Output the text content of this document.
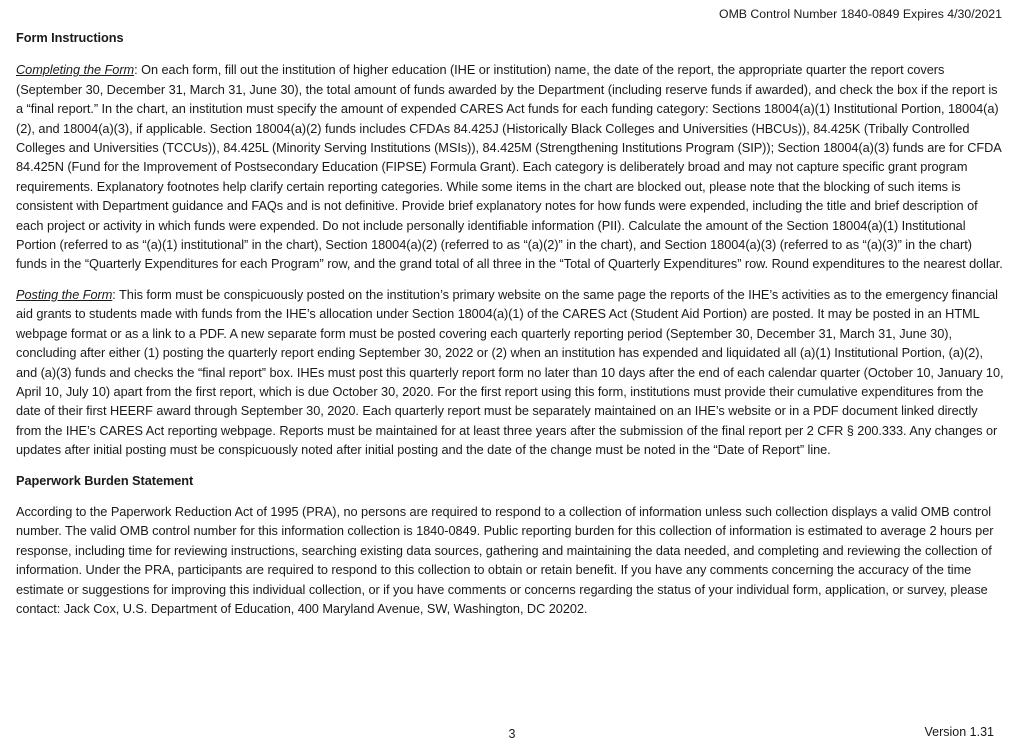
OMB Control Number 1840-0849 Expires 4/30/2021
Form Instructions

Completing the Form: On each form, fill out the institution of higher education (IHE or institution) name, the date of the report, the appropriate quarter the report covers (September 30, December 31, March 31, June 30), the total amount of funds awarded by the Department (including reserve funds if awarded), and check the box if the report is a “final report.” In the chart, an institution must specify the amount of expended CARES Act funds for each funding category: Sections 18004(a)(1) Institutional Portion, 18004(a)(2), and 18004(a)(3), if applicable. Section 18004(a)(2) funds includes CFDAs 84.425J (Historically Black Colleges and Universities (HBCUs)), 84.425K (Tribally Controlled Colleges and Universities (TCCUs)), 84.425L (Minority Serving Institutions (MSIs)), 84.425M (Strengthening Institutions Program (SIP)); Section 18004(a)(3) funds are for CFDA 84.425N (Fund for the Improvement of Postsecondary Education (FIPSE) Formula Grant). Each category is deliberately broad and may not capture specific grant program requirements. Explanatory footnotes help clarify certain reporting categories. While some items in the chart are blocked out, please note that the blocking of such items is consistent with Department guidance and FAQs and is not definitive. Provide brief explanatory notes for how funds were expended, including the title and brief description of each project or activity in which funds were expended. Do not include personally identifiable information (PII). Calculate the amount of the Section 18004(a)(1) Institutional Portion (referred to as “(a)(1) institutional” in the chart), Section 18004(a)(2) (referred to as “(a)(2)” in the chart), and Section 18004(a)(3) (referred to as “(a)(3)” in the chart) funds in the “Quarterly Expenditures for each Program” row, and the grand total of all three in the “Total of Quarterly Expenditures” row. Round expenditures to the nearest dollar.

Posting the Form: This form must be conspicuously posted on the institution’s primary website on the same page the reports of the IHE’s activities as to the emergency financial aid grants to students made with funds from the IHE’s allocation under Section 18004(a)(1) of the CARES Act (Student Aid Portion) are posted. It may be posted in an HTML webpage format or as a link to a PDF. A new separate form must be posted covering each quarterly reporting period (September 30, December 31, March 31, June 30), concluding after either (1) posting the quarterly report ending September 30, 2022 or (2) when an institution has expended and liquidated all (a)(1) Institutional Portion, (a)(2), and (a)(3) funds and checks the “final report” box. IHEs must post this quarterly report form no later than 10 days after the end of each calendar quarter (October 10, January 10, April 10, July 10) apart from the first report, which is due October 30, 2020. For the first report using this form, institutions must provide their cumulative expenditures from the date of their first HEERF award through September 30, 2020. Each quarterly report must be separately maintained on an IHE’s website or in a PDF document linked directly from the IHE’s CARES Act reporting webpage. Reports must be maintained for at least three years after the submission of the final report per 2 CFR § 200.333. Any changes or updates after initial posting must be conspicuously noted after initial posting and the date of the change must be noted in the “Date of Report” line.

Paperwork Burden Statement

According to the Paperwork Reduction Act of 1995 (PRA), no persons are required to respond to a collection of information unless such collection displays a valid OMB control number. The valid OMB control number for this information collection is 1840-0849. Public reporting burden for this collection of information is estimated to average 2 hours per response, including time for reviewing instructions, searching existing data sources, gathering and maintaining the data needed, and completing and reviewing the collection of information. Under the PRA, participants are required to respond to this collection to obtain or retain benefit. If you have any comments concerning the accuracy of the time estimate or suggestions for improving this individual collection, or if you have comments or concerns regarding the status of your individual form, application, or survey, please contact: Jack Cox, U.S. Department of Education, 400 Maryland Avenue, SW, Washington, DC 20202.

3	Version 1.31
